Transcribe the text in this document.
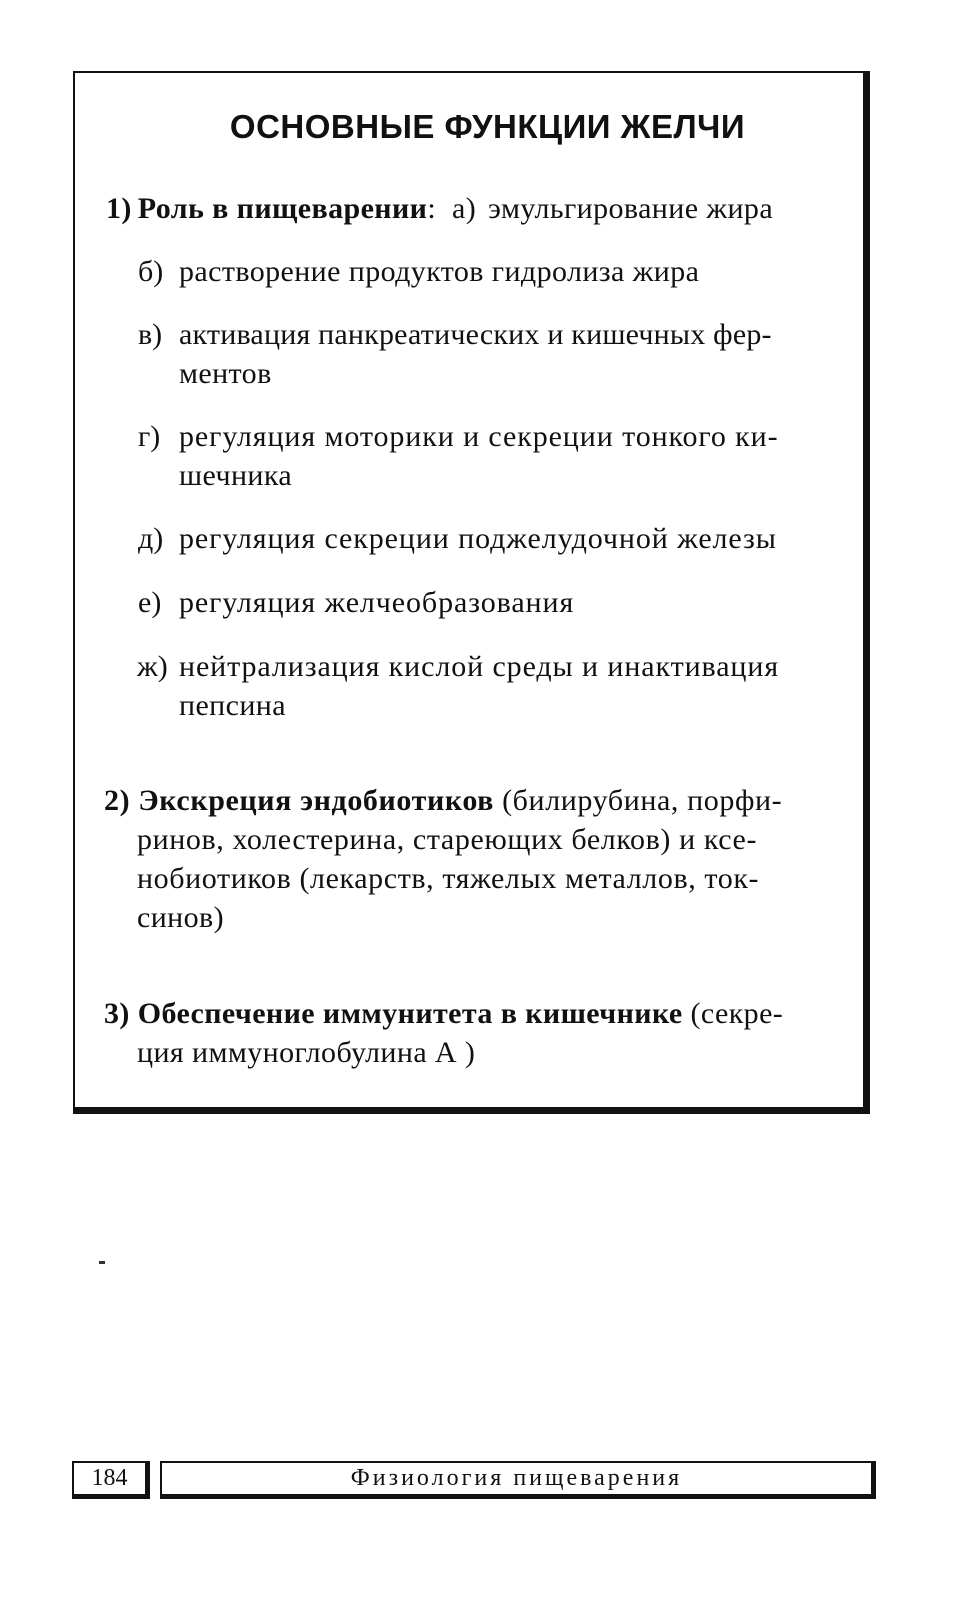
ОСНОВНЫЕ ФУНКЦИИ ЖЕЛЧИ
1) Роль в пищеварении: а) эмульгирование жира
б) растворение продуктов гидролиза жира
в) активация панкреатических и кишечных фер-
ментов
г) регуляция моторики и секреции тонкого ки-
шечника
д) регуляция секреции поджелудочной железы
е) регуляция желчеобразования
ж) нейтрализация кислой среды и инактивация
пепсина
2) Экскреция эндобиотиков (билирубина, порфи-
ринов, холестерина, стареющих белков) и ксе-
нобиотиков (лекарств, тяжелых металлов, ток-
синов)
3) Обеспечение иммунитета в кишечнике (секре-
ция иммуноглобулина А )
184	Физиология пищеварения
